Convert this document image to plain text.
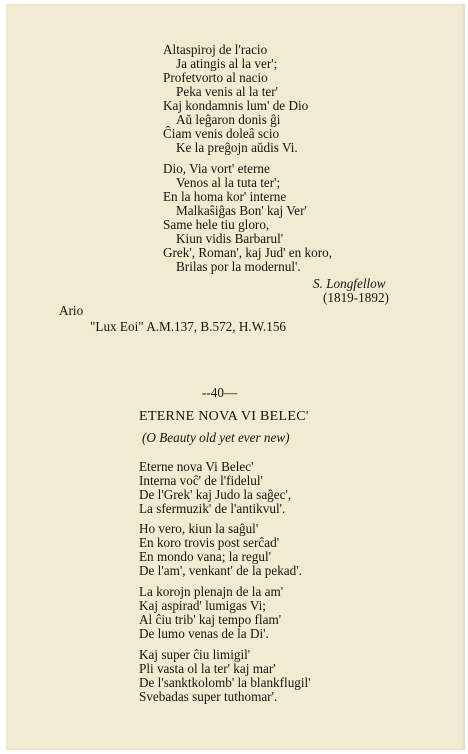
Altaspiroj de l'racio
Ja atingis al la ver';
Profetvorto al nacio
Peka venis al la ter'
Kaj kondamnis lum' de Dio
Aŭ leĝaron donis ĝi
Ĉiam venis doleâ scio
Ke la preĝojn aŭdis Vi.
Dio, Via vort' eterne
Venos al la tuta ter';
En la homa kor' interne
Malkaŝiĝas Bon' kaj Ver'
Same hele tiu gloro,
Kiun vidis Barbarul'
Grek', Roman', kaj Jud' en koro,
Brilas por la modernul'.
S. Longfellow
(1819-1892)
Ario
"Lux Eoi" A.M.137, B.572, H.W.156
--40—
ETERNE NOVA VI BELEC'
(O Beauty old yet ever new)
Eterne nova Vi Belec'
Interna voĉ' de l'fidelul'
De l'Grek' kaj Judo la saĝec',
La sfermuzik' de l'antikvul'.
Ho vero, kiun la saĝul'
En koro trovis post serĉad'
En mondo vana; la regul'
De l'am', venkant' de la pekad'.
La korojn plenajn de la am'
Kaj aspirad' lumigas Vi;
Al ĉiu trib' kaj tempo flam'
De lumo venas de la Di'.
Kaj super ĉiu limigil'
Pli vasta ol la ter' kaj mar'
De l'sanktkolomb' la blankflugil'
Svebadas super tuthomar'.
